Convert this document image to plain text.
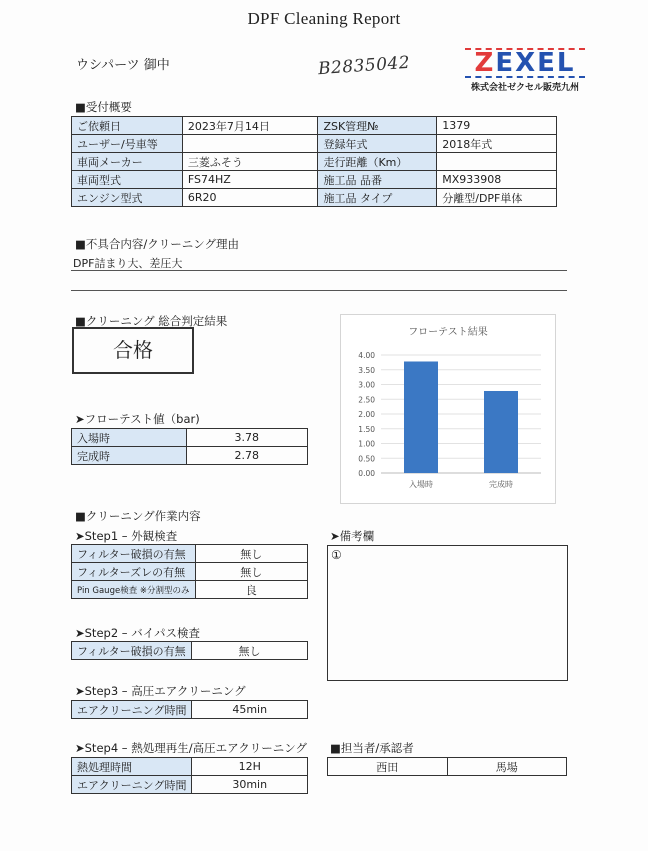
DPF Cleaning Report
ウシパーツ 御中	B2835042	ZEXEL
株式会社ゼクセル販売九州
■受付概要
ご依頼日	2023年7月14日	ZSK管理№	1379
ユーザー/号車等		登録年式	2018年式
車両メーカー	三菱ふそう	走行距離（Km）	
車両型式	FS74HZ	施工品 品番	MX933908
エンジン型式	6R20	施工品 タイプ	分離型/DPF単体
■不具合内容/クリーニング理由
DPF詰まり大、差圧大
■クリーニング 総合判定結果
合格
➤フローテスト値（bar)
入場時	3.78
完成時	2.78
フローテスト結果
0.00
0.50
1.00
1.50
2.00
2.50
3.00
3.50
4.00
入場時	完成時
■クリーニング作業内容
➤Step1 – 外観検査
フィルター破損の有無	無し
フィルターズレの有無	無し
Pin Gauge検査 ※分割型のみ	良
➤Step2 – バイパス検査
フィルター破損の有無	無し
➤Step3 – 高圧エアクリーニング
エアクリーニング時間	45min
➤Step4 – 熱処理再生/高圧エアクリーニング
熱処理時間	12H
エアクリーニング時間	30min
➤備考欄
①
■担当者/承認者
西田	馬場
